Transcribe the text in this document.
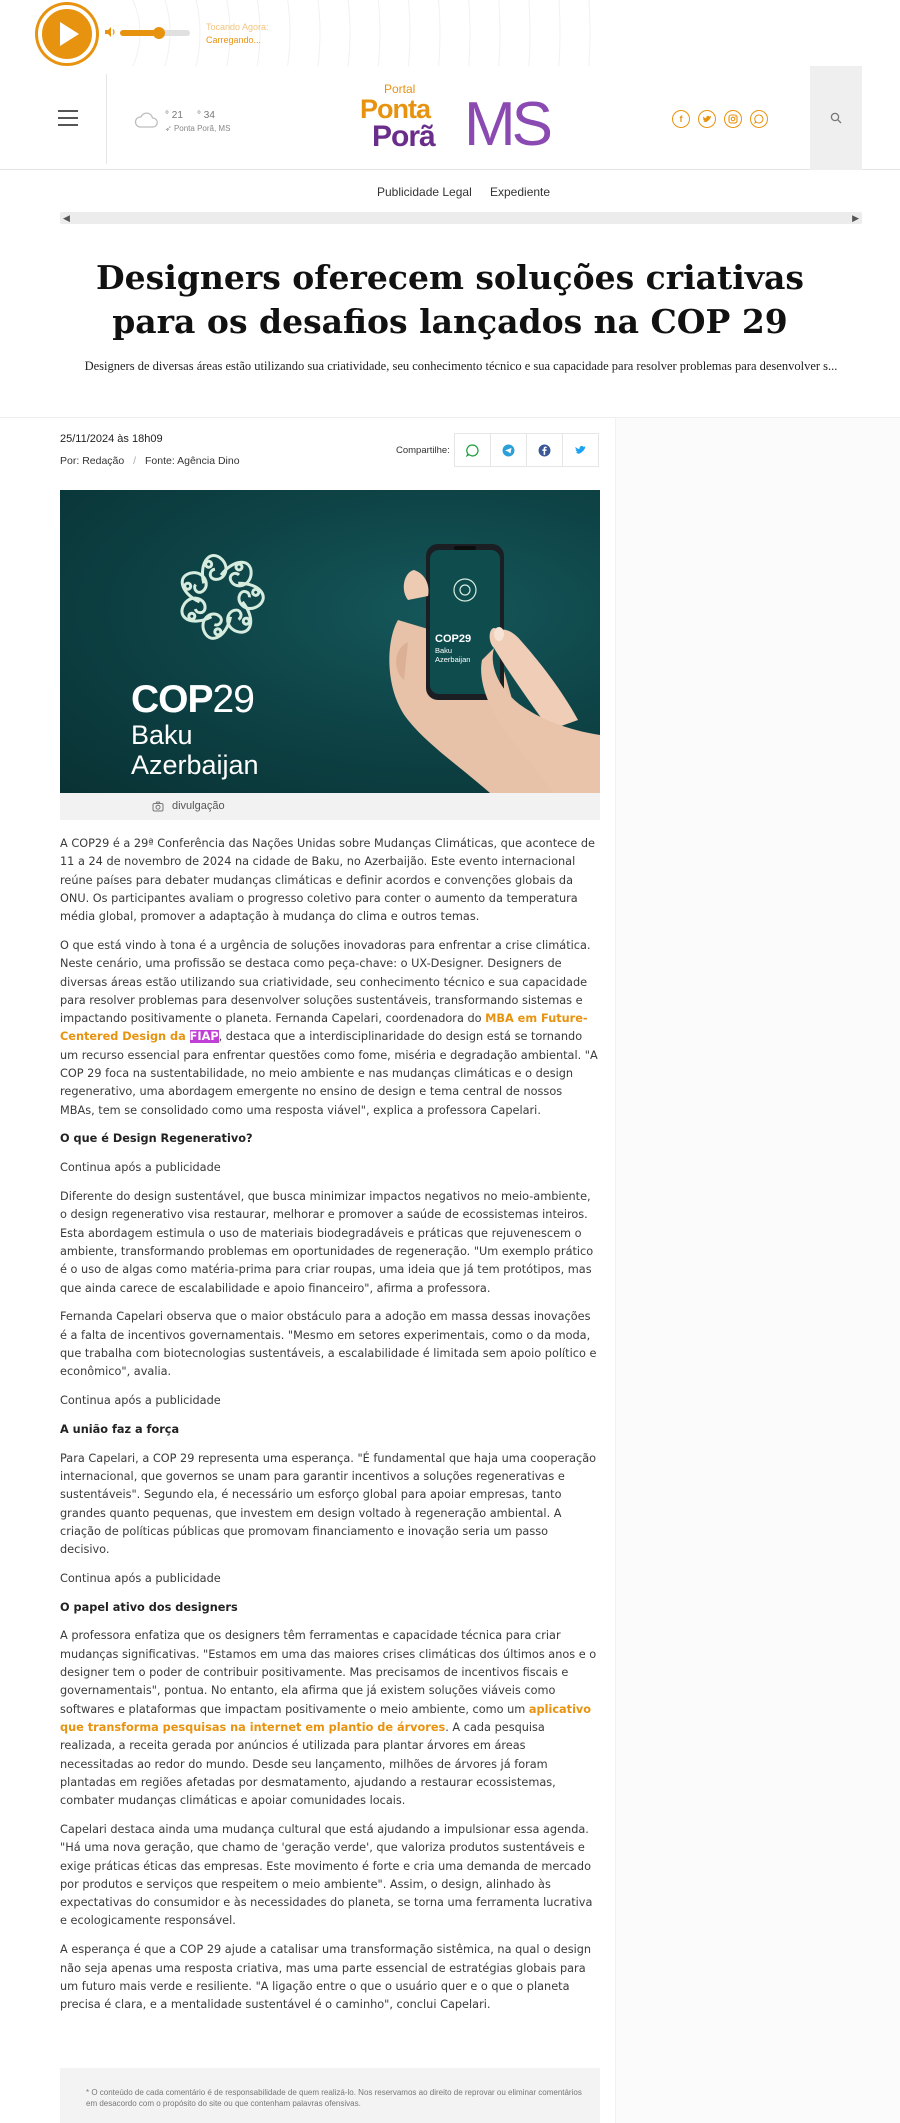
Tocando Agora:
Carregando...
° 21 ° 34
➶ Ponta Porã, MS
Portal
Ponta
Porã MS	f
Publicidade Legal Expediente
◀	▶
Designers oferecem soluções criativas para os desafios lançados na COP 29

Designers de diversas áreas estão utilizando sua criatividade, seu conhecimento técnico e sua capacidade para resolver problemas para desenvolver s...

25/11/2024 às 18h09
Por: Redação / Fonte: Agência Dino
Compartilhe:
COP29
Baku
Azerbaijan
COP29
Baku
Azerbaijan
divulgação

A COP29 é a 29ª Conferência das Nações Unidas sobre Mudanças Climáticas, que acontece de 11 a 24 de novembro de 2024 na cidade de Baku, no Azerbaijão. Este evento internacional reúne países para debater mudanças climáticas e definir acordos e convenções globais da ONU. Os participantes avaliam o progresso coletivo para conter o aumento da temperatura média global, promover a adaptação à mudança do clima e outros temas.

O que está vindo à tona é a urgência de soluções inovadoras para enfrentar a crise climática. Neste cenário, uma profissão se destaca como peça-chave: o UX-Designer. Designers de diversas áreas estão utilizando sua criatividade, seu conhecimento técnico e sua capacidade para resolver problemas para desenvolver soluções sustentáveis, transformando sistemas e impactando positivamente o planeta. Fernanda Capelari, coordenadora do MBA em Future-Centered Design da FIAP, destaca que a interdisciplinaridade do design está se tornando um recurso essencial para enfrentar questões como fome, miséria e degradação ambiental. "A COP 29 foca na sustentabilidade, no meio ambiente e nas mudanças climáticas e o design regenerativo, uma abordagem emergente no ensino de design e tema central de nossos MBAs, tem se consolidado como uma resposta viável", explica a professora Capelari.

O que é Design Regenerativo?
Continua após a publicidade

Diferente do design sustentável, que busca minimizar impactos negativos no meio-ambiente, o design regenerativo visa restaurar, melhorar e promover a saúde de ecossistemas inteiros. Esta abordagem estimula o uso de materiais biodegradáveis e práticas que rejuvenescem o ambiente, transformando problemas em oportunidades de regeneração. "Um exemplo prático é o uso de algas como matéria-prima para criar roupas, uma ideia que já tem protótipos, mas que ainda carece de escalabilidade e apoio financeiro", afirma a professora.

Fernanda Capelari observa que o maior obstáculo para a adoção em massa dessas inovações é a falta de incentivos governamentais. "Mesmo em setores experimentais, como o da moda, que trabalha com biotecnologias sustentáveis, a escalabilidade é limitada sem apoio político e econômico", avalia.

Continua após a publicidade
A união faz a força

Para Capelari, a COP 29 representa uma esperança. "É fundamental que haja uma cooperação internacional, que governos se unam para garantir incentivos a soluções regenerativas e sustentáveis". Segundo ela, é necessário um esforço global para apoiar empresas, tanto grandes quanto pequenas, que investem em design voltado à regeneração ambiental. A criação de políticas públicas que promovam financiamento e inovação seria um passo decisivo.

Continua após a publicidade
O papel ativo dos designers

A professora enfatiza que os designers têm ferramentas e capacidade técnica para criar mudanças significativas. "Estamos em uma das maiores crises climáticas dos últimos anos e o designer tem o poder de contribuir positivamente. Mas precisamos de incentivos fiscais e governamentais", pontua. No entanto, ela afirma que já existem soluções viáveis como softwares e plataformas que impactam positivamente o meio ambiente, como um aplicativo que transforma pesquisas na internet em plantio de árvores. A cada pesquisa realizada, a receita gerada por anúncios é utilizada para plantar árvores em áreas necessitadas ao redor do mundo. Desde seu lançamento, milhões de árvores já foram plantadas em regiões afetadas por desmatamento, ajudando a restaurar ecossistemas, combater mudanças climáticas e apoiar comunidades locais.

Capelari destaca ainda uma mudança cultural que está ajudando a impulsionar essa agenda. "Há uma nova geração, que chamo de 'geração verde', que valoriza produtos sustentáveis e exige práticas éticas das empresas. Este movimento é forte e cria uma demanda de mercado por produtos e serviços que respeitem o meio ambiente". Assim, o design, alinhado às expectativas do consumidor e às necessidades do planeta, se torna uma ferramenta lucrativa e ecologicamente responsável.

A esperança é que a COP 29 ajude a catalisar uma transformação sistêmica, na qual o design não seja apenas uma resposta criativa, mas uma parte essencial de estratégias globais para um futuro mais verde e resiliente. "A ligação entre o que o usuário quer e o que o planeta precisa é clara, e a mentalidade sustentável é o caminho", conclui Capelari.

* O conteúdo de cada comentário é de responsabilidade de quem realizá-lo. Nos reservamos ao direito de reprovar ou eliminar comentários em desacordo com o propósito do site ou que contenham palavras ofensivas.
